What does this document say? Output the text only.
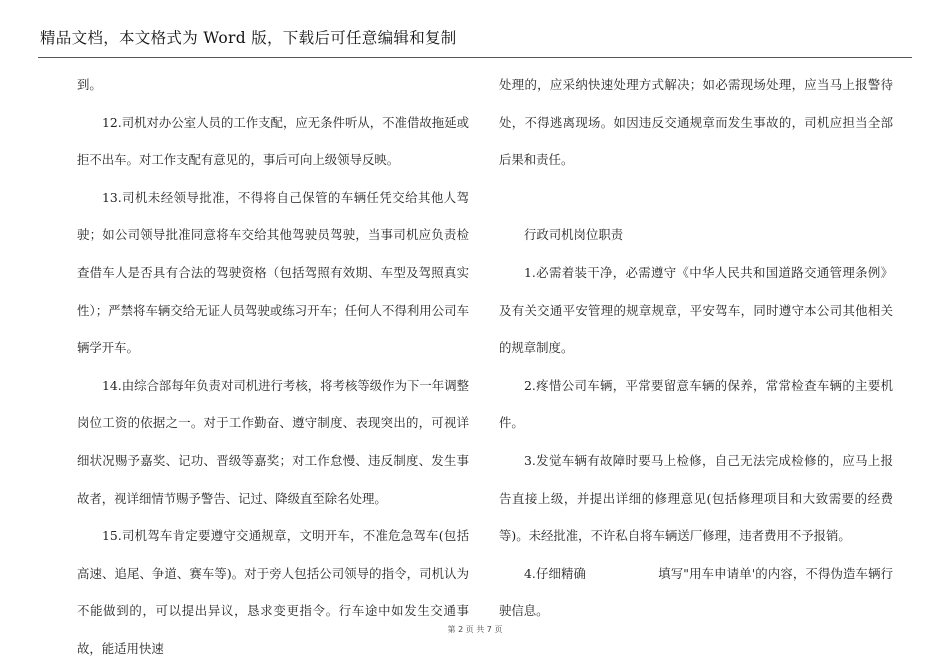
精品文档，本文格式为 Word 版，下载后可任意编辑和复制

到。

12.司机对办公室人员的工作支配，应无条件听从，不准借故拖延或拒不出车。对工作支配有意见的，事后可向上级领导反映。

13.司机未经领导批准，不得将自己保管的车辆任凭交给其他人驾驶；如公司领导批准同意将车交给其他驾驶员驾驶，当事司机应负责检查借车人是否具有合法的驾驶资格（包括驾照有效期、车型及驾照真实性）；严禁将车辆交给无证人员驾驶或练习开车；任何人不得利用公司车辆学开车。

14.由综合部每年负责对司机进行考核，将考核等级作为下一年调整岗位工资的依据之一。对于工作勤奋、遵守制度、表现突出的，可视详细状况赐予嘉奖、记功、晋级等嘉奖；对工作怠慢、违反制度、发生事故者，视详细情节赐予警告、记过、降级直至除名处理。

15.司机驾车肯定要遵守交通规章，文明开车，不准危急驾车(包括高速、追尾、争道、赛车等)。对于旁人包括公司领导的指令，司机认为不能做到的，可以提出异议，恳求变更指令。行车途中如发生交通事故，能适用快速

处理的，应采纳快速处理方式解决；如必需现场处理，应当马上报警待处，不得逃离现场。如因违反交通规章而发生事故的，司机应担当全部后果和责任。

行政司机岗位职责

1.必需着装干净，必需遵守《中华人民共和国道路交通管理条例》及有关交通平安管理的规章规章，平安驾车，同时遵守本公司其他相关的规章制度。

2.疼惜公司车辆，平常要留意车辆的保养，常常检查车辆的主要机件。

3.发觉车辆有故障时要马上检修，自己无法完成检修的，应马上报告直接上级，并提出详细的修理意见(包括修理项目和大致需要的经费等)。未经批准，不许私自将车辆送厂修理，违者费用不予报销。

4.仔细精确	填写"用车申请单'的内容，不得伪造车辆行驶信息。

第 2 页 共 7 页
